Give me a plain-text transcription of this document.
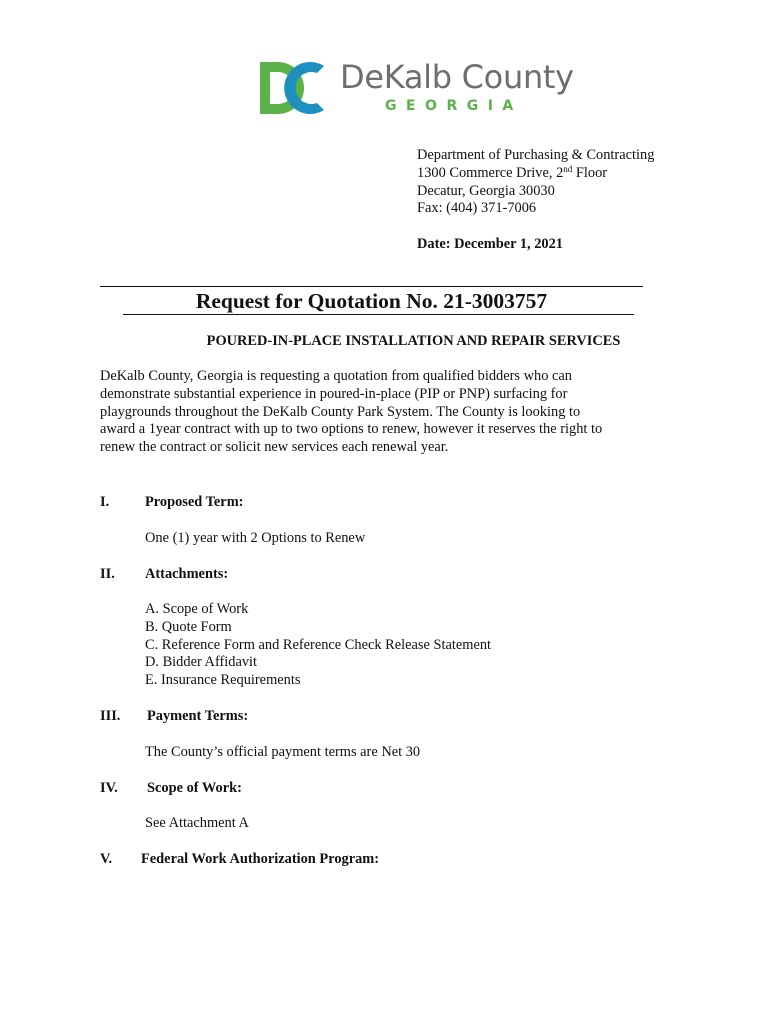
DeKalb County
GEORGIA
Department of Purchasing & Contracting
1300 Commerce Drive, 2nd Floor
Decatur, Georgia 30030
Fax: (404) 371-7006
Date: December 1, 2021
Request for Quotation No. 21-3003757
POURED-IN-PLACE INSTALLATION AND REPAIR SERVICES
DeKalb County, Georgia is requesting a quotation from qualified bidders who can
demonstrate substantial experience in poured-in-place (PIP or PNP) surfacing for
playgrounds throughout the DeKalb County Park System. The County is looking to
award a 1year contract with up to two options to renew, however it reserves the right to
renew the contract or solicit new services each renewal year.
I. Proposed Term:
One (1) year with 2 Options to Renew
II. Attachments:
A. Scope of Work
B. Quote Form
C. Reference Form and Reference Check Release Statement
D. Bidder Affidavit
E. Insurance Requirements
III. Payment Terms:
The County’s official payment terms are Net 30
IV. Scope of Work:
See Attachment A
V. Federal Work Authorization Program:
